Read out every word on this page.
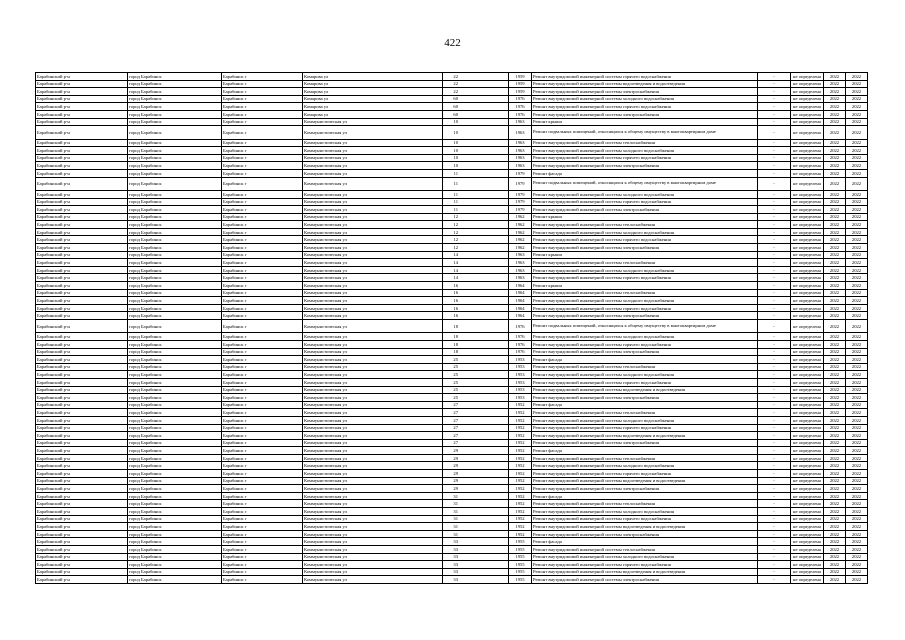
422
Барабинский р-н	город Барабинск	Барабинск г	Комарова ул	22	1959	Ремонт внутридомовой инженерной системы горячего водоснабжения	-	не определена	2022	2022
Барабинский р-н	город Барабинск	Барабинск г	Комарова ул	22	1959	Ремонт внутридомовой инженерной системы водоотведения и водоотведения	-	не определена	2022	2022
Барабинский р-н	город Барабинск	Барабинск г	Комарова ул	22	1959	Ремонт внутридомовой инженерной системы электроснабжения	-	не определена	2022	2022
Барабинский р-н	город Барабинск	Барабинск г	Комарова ул	60	1976	Ремонт внутридомовой инженерной системы холодного водоснабжения	-	не определена	2022	2022
Барабинский р-н	город Барабинск	Барабинск г	Комарова ул	60	1976	Ремонт внутридомовой инженерной системы горячего водоснабжения	-	не определена	2022	2022
Барабинский р-н	город Барабинск	Барабинск г	Комарова ул	60	1976	Ремонт внутридомовой инженерной системы электроснабжения	-	не определена	2022	2022
Барабинский р-н	город Барабинск	Барабинск г	Коммунистическая ул	10	1963	Ремонт крыши	-	не определена	2022	2022
Барабинский р-н	город Барабинск	Барабинск г	Коммунистическая ул	10	1963	Ремонт подвальных помещений, относящихся к общему имуществу в многоквартирном доме	-	не определена	2022	2022
Барабинский р-н	город Барабинск	Барабинск г	Коммунистическая ул	10	1963	Ремонт внутридомовой инженерной системы теплоснабжения	-	не определена	2022	2022
Барабинский р-н	город Барабинск	Барабинск г	Коммунистическая ул	10	1963	Ремонт внутридомовой инженерной системы холодного водоснабжения	-	не определена	2022	2022
Барабинский р-н	город Барабинск	Барабинск г	Коммунистическая ул	10	1963	Ремонт внутридомовой инженерной системы горячего водоснабжения	-	не определена	2022	2022
Барабинский р-н	город Барабинск	Барабинск г	Коммунистическая ул	10	1963	Ремонт внутридомовой инженерной системы электроснабжения	-	не определена	2022	2022
Барабинский р-н	город Барабинск	Барабинск г	Коммунистическая ул	11	1979	Ремонт фасада	-	не определена	2022	2022
Барабинский р-н	город Барабинск	Барабинск г	Коммунистическая ул	11	1979	Ремонт подвальных помещений, относящихся к общему имуществу в многоквартирном доме	-	не определена	2022	2022
Барабинский р-н	город Барабинск	Барабинск г	Коммунистическая ул	11	1979	Ремонт внутридомовой инженерной системы холодного водоснабжения	-	не определена	2022	2022
Барабинский р-н	город Барабинск	Барабинск г	Коммунистическая ул	11	1979	Ремонт внутридомовой инженерной системы горячего водоснабжения	-	не определена	2022	2022
Барабинский р-н	город Барабинск	Барабинск г	Коммунистическая ул	11	1979	Ремонт внутридомовой инженерной системы электроснабжения	-	не определена	2022	2022
Барабинский р-н	город Барабинск	Барабинск г	Коммунистическая ул	12	1962	Ремонт крыши	-	не определена	2022	2022
Барабинский р-н	город Барабинск	Барабинск г	Коммунистическая ул	12	1962	Ремонт внутридомовой инженерной системы теплоснабжения	-	не определена	2022	2022
Барабинский р-н	город Барабинск	Барабинск г	Коммунистическая ул	12	1962	Ремонт внутридомовой инженерной системы холодного водоснабжения	-	не определена	2022	2022
Барабинский р-н	город Барабинск	Барабинск г	Коммунистическая ул	12	1962	Ремонт внутридомовой инженерной системы горячего водоснабжения	-	не определена	2022	2022
Барабинский р-н	город Барабинск	Барабинск г	Коммунистическая ул	12	1962	Ремонт внутридомовой инженерной системы электроснабжения	-	не определена	2022	2022
Барабинский р-н	город Барабинск	Барабинск г	Коммунистическая ул	14	1963	Ремонт крыши	-	не определена	2022	2022
Барабинский р-н	город Барабинск	Барабинск г	Коммунистическая ул	14	1963	Ремонт внутридомовой инженерной системы теплоснабжения	-	не определена	2022	2022
Барабинский р-н	город Барабинск	Барабинск г	Коммунистическая ул	14	1963	Ремонт внутридомовой инженерной системы холодного водоснабжения	-	не определена	2022	2022
Барабинский р-н	город Барабинск	Барабинск г	Коммунистическая ул	14	1963	Ремонт внутридомовой инженерной системы горячего водоснабжения	-	не определена	2022	2022
Барабинский р-н	город Барабинск	Барабинск г	Коммунистическая ул	16	1964	Ремонт крыши	-	не определена	2022	2022
Барабинский р-н	город Барабинск	Барабинск г	Коммунистическая ул	16	1964	Ремонт внутридомовой инженерной системы теплоснабжения	-	не определена	2022	2022
Барабинский р-н	город Барабинск	Барабинск г	Коммунистическая ул	16	1964	Ремонт внутридомовой инженерной системы холодного водоснабжения	-	не определена	2022	2022
Барабинский р-н	город Барабинск	Барабинск г	Коммунистическая ул	16	1964	Ремонт внутридомовой инженерной системы горячего водоснабжения	-	не определена	2022	2022
Барабинский р-н	город Барабинск	Барабинск г	Коммунистическая ул	16	1964	Ремонт внутридомовой инженерной системы электроснабжения	-	не определена	2022	2022
Барабинский р-н	город Барабинск	Барабинск г	Коммунистическая ул	18	1976	Ремонт подвальных помещений, относящихся к общему имуществу в многоквартирном доме	-	не определена	2022	2022
Барабинский р-н	город Барабинск	Барабинск г	Коммунистическая ул	18	1976	Ремонт внутридомовой инженерной системы холодного водоснабжения	-	не определена	2022	2022
Барабинский р-н	город Барабинск	Барабинск г	Коммунистическая ул	18	1976	Ремонт внутридомовой инженерной системы горячего водоснабжения	-	не определена	2022	2022
Барабинский р-н	город Барабинск	Барабинск г	Коммунистическая ул	18	1976	Ремонт внутридомовой инженерной системы электроснабжения	-	не определена	2022	2022
Барабинский р-н	город Барабинск	Барабинск г	Коммунистическая ул	25	1953	Ремонт фасада	-	не определена	2022	2022
Барабинский р-н	город Барабинск	Барабинск г	Коммунистическая ул	25	1953	Ремонт внутридомовой инженерной системы теплоснабжения	-	не определена	2022	2022
Барабинский р-н	город Барабинск	Барабинск г	Коммунистическая ул	25	1953	Ремонт внутридомовой инженерной системы холодного водоснабжения	-	не определена	2022	2022
Барабинский р-н	город Барабинск	Барабинск г	Коммунистическая ул	25	1953	Ремонт внутридомовой инженерной системы горячего водоснабжения	-	не определена	2022	2022
Барабинский р-н	город Барабинск	Барабинск г	Коммунистическая ул	25	1953	Ремонт внутридомовой инженерной системы водоотведения и водоотведения	-	не определена	2022	2022
Барабинский р-н	город Барабинск	Барабинск г	Коммунистическая ул	25	1953	Ремонт внутридомовой инженерной системы электроснабжения	-	не определена	2022	2022
Барабинский р-н	город Барабинск	Барабинск г	Коммунистическая ул	27	1952	Ремонт фасада	-	не определена	2022	2022
Барабинский р-н	город Барабинск	Барабинск г	Коммунистическая ул	27	1952	Ремонт внутридомовой инженерной системы теплоснабжения	-	не определена	2022	2022
Барабинский р-н	город Барабинск	Барабинск г	Коммунистическая ул	27	1952	Ремонт внутридомовой инженерной системы холодного водоснабжения	-	не определена	2022	2022
Барабинский р-н	город Барабинск	Барабинск г	Коммунистическая ул	27	1952	Ремонт внутридомовой инженерной системы горячего водоснабжения	-	не определена	2022	2022
Барабинский р-н	город Барабинск	Барабинск г	Коммунистическая ул	27	1952	Ремонт внутридомовой инженерной системы водоотведения и водоотведения	-	не определена	2022	2022
Барабинский р-н	город Барабинск	Барабинск г	Коммунистическая ул	27	1952	Ремонт внутридомовой инженерной системы электроснабжения	-	не определена	2022	2022
Барабинский р-н	город Барабинск	Барабинск г	Коммунистическая ул	29	1952	Ремонт фасада	-	не определена	2022	2022
Барабинский р-н	город Барабинск	Барабинск г	Коммунистическая ул	29	1952	Ремонт внутридомовой инженерной системы теплоснабжения	-	не определена	2022	2022
Барабинский р-н	город Барабинск	Барабинск г	Коммунистическая ул	29	1952	Ремонт внутридомовой инженерной системы холодного водоснабжения	-	не определена	2022	2022
Барабинский р-н	город Барабинск	Барабинск г	Коммунистическая ул	29	1952	Ремонт внутридомовой инженерной системы горячего водоснабжения	-	не определена	2022	2022
Барабинский р-н	город Барабинск	Барабинск г	Коммунистическая ул	29	1952	Ремонт внутридомовой инженерной системы водоотведения и водоотведения	-	не определена	2022	2022
Барабинский р-н	город Барабинск	Барабинск г	Коммунистическая ул	29	1952	Ремонт внутридомовой инженерной системы электроснабжения	-	не определена	2022	2022
Барабинский р-н	город Барабинск	Барабинск г	Коммунистическая ул	31	1952	Ремонт фасада	-	не определена	2022	2022
Барабинский р-н	город Барабинск	Барабинск г	Коммунистическая ул	31	1952	Ремонт внутридомовой инженерной системы теплоснабжения	-	не определена	2022	2022
Барабинский р-н	город Барабинск	Барабинск г	Коммунистическая ул	31	1952	Ремонт внутридомовой инженерной системы холодного водоснабжения	-	не определена	2022	2022
Барабинский р-н	город Барабинск	Барабинск г	Коммунистическая ул	31	1952	Ремонт внутридомовой инженерной системы горячего водоснабжения	-	не определена	2022	2022
Барабинский р-н	город Барабинск	Барабинск г	Коммунистическая ул	31	1952	Ремонт внутридомовой инженерной системы водоотведения и водоотведения	-	не определена	2022	2022
Барабинский р-н	город Барабинск	Барабинск г	Коммунистическая ул	31	1952	Ремонт внутридомовой инженерной системы электроснабжения	-	не определена	2022	2022
Барабинский р-н	город Барабинск	Барабинск г	Коммунистическая ул	33	1955	Ремонт фасада	-	не определена	2022	2022
Барабинский р-н	город Барабинск	Барабинск г	Коммунистическая ул	33	1955	Ремонт внутридомовой инженерной системы теплоснабжения	-	не определена	2022	2022
Барабинский р-н	город Барабинск	Барабинск г	Коммунистическая ул	33	1955	Ремонт внутридомовой инженерной системы холодного водоснабжения	-	не определена	2022	2022
Барабинский р-н	город Барабинск	Барабинск г	Коммунистическая ул	33	1955	Ремонт внутридомовой инженерной системы горячего водоснабжения	-	не определена	2022	2022
Барабинский р-н	город Барабинск	Барабинск г	Коммунистическая ул	33	1955	Ремонт внутридомовой инженерной системы водоотведения и водоотведения	-	не определена	2022	2022
Барабинский р-н	город Барабинск	Барабинск г	Коммунистическая ул	33	1955	Ремонт внутридомовой инженерной системы электроснабжения	-	не определена	2022	2022
